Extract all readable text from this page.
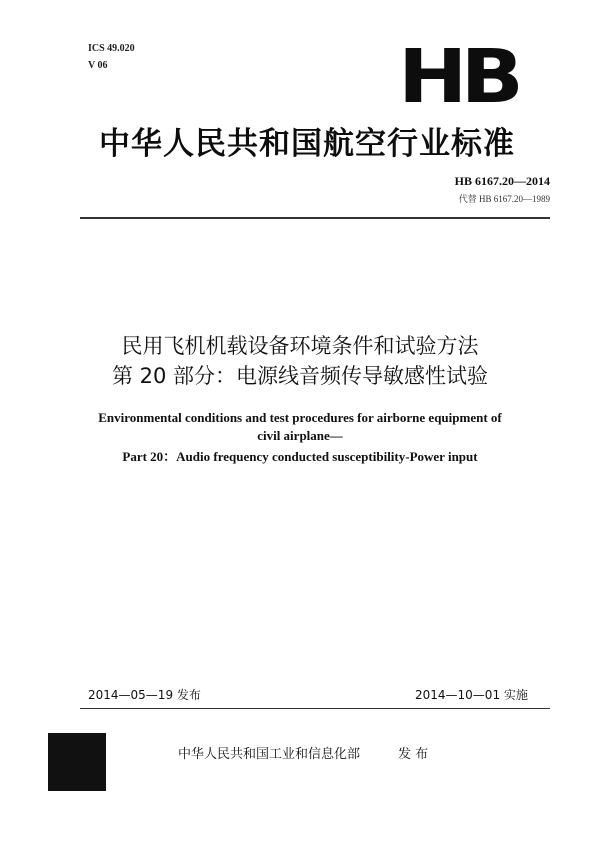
ICS 49.020
V 06	HB
中华人民共和国航空行业标准
HB 6167.20—2014
代替 HB 6167.20—1989
民用飞机机载设备环境条件和试验方法
第 20 部分：电源线音频传导敏感性试验
Environmental conditions and test procedures for airborne equipment of
civil airplane—
Part 20：Audio frequency conducted susceptibility-Power input
2014—05—19 发布	2014—10—01 实施
中华人民共和国工业和信息化部	发 布
